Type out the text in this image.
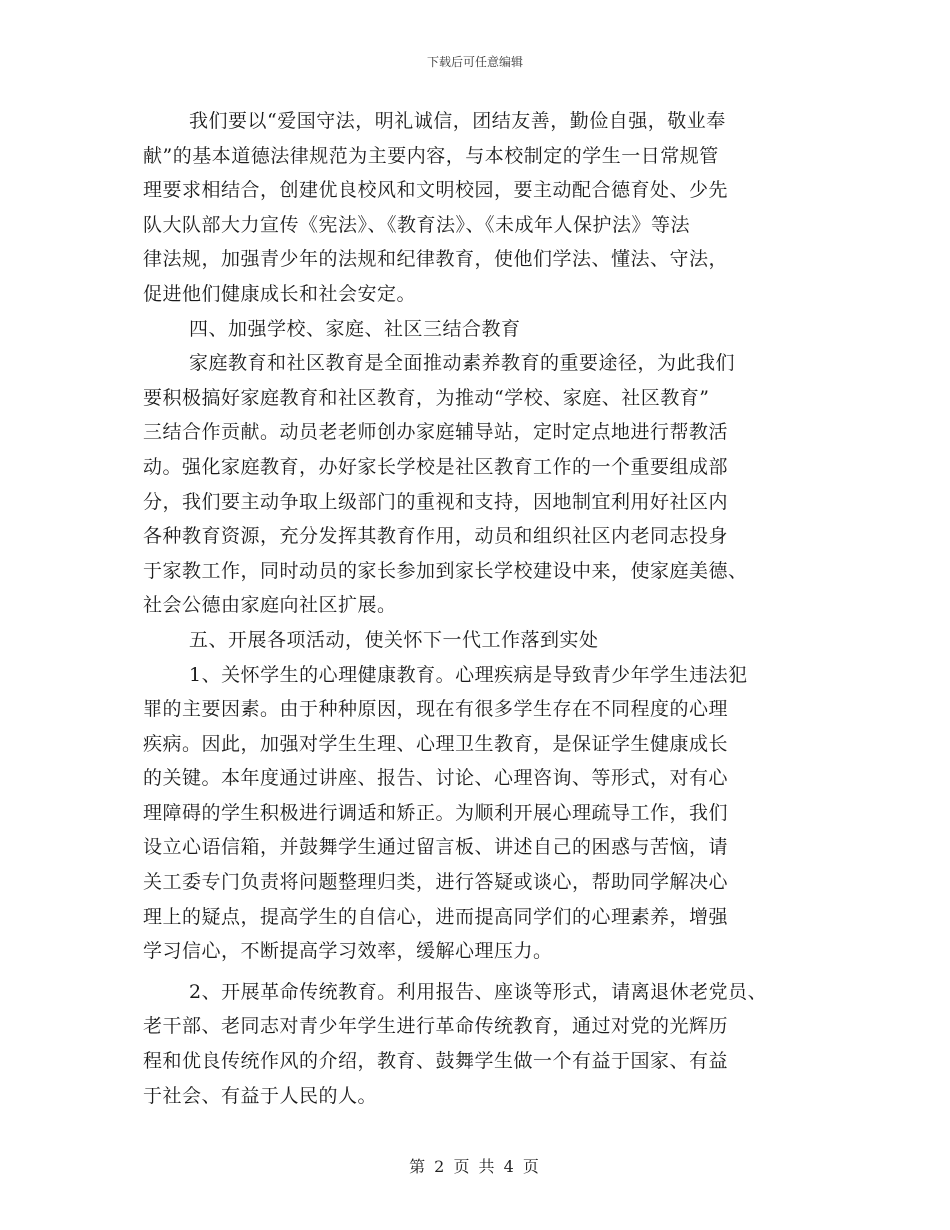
下载后可任意编辑
我们要以“爱国守法，明礼诚信，团结友善，勤俭自强，敬业奉
献”的基本道德法律规范为主要内容，与本校制定的学生一日常规管
理要求相结合，创建优良校风和文明校园，要主动配合德育处、少先
队大队部大力宣传《宪法》、《教育法》、《未成年人保护法》等法
律法规，加强青少年的法规和纪律教育，使他们学法、懂法、守法，
促进他们健康成长和社会安定。
四、加强学校、家庭、社区三结合教育
家庭教育和社区教育是全面推动素养教育的重要途径，为此我们
要积极搞好家庭教育和社区教育，为推动“学校、家庭、社区教育”
三结合作贡献。动员老老师创办家庭辅导站，定时定点地进行帮教活
动。强化家庭教育，办好家长学校是社区教育工作的一个重要组成部
分，我们要主动争取上级部门的重视和支持，因地制宜利用好社区内
各种教育资源，充分发挥其教育作用，动员和组织社区内老同志投身
于家教工作，同时动员的家长参加到家长学校建设中来，使家庭美德、
社会公德由家庭向社区扩展。
五、开展各项活动，使关怀下一代工作落到实处
1、关怀学生的心理健康教育。心理疾病是导致青少年学生违法犯
罪的主要因素。由于种种原因，现在有很多学生存在不同程度的心理
疾病。因此，加强对学生生理、心理卫生教育，是保证学生健康成长
的关键。本年度通过讲座、报告、讨论、心理咨询、等形式，对有心
理障碍的学生积极进行调适和矫正。为顺利开展心理疏导工作，我们
设立心语信箱，并鼓舞学生通过留言板、讲述自己的困惑与苦恼，请
关工委专门负责将问题整理归类，进行答疑或谈心，帮助同学解决心
理上的疑点，提高学生的自信心，进而提高同学们的心理素养，增强
学习信心，不断提高学习效率，缓解心理压力。
2、开展革命传统教育。利用报告、座谈等形式，请离退休老党员、
老干部、老同志对青少年学生进行革命传统教育，通过对党的光辉历
程和优良传统作风的介绍，教育、鼓舞学生做一个有益于国家、有益
于社会、有益于人民的人。
第 2 页 共 4 页
